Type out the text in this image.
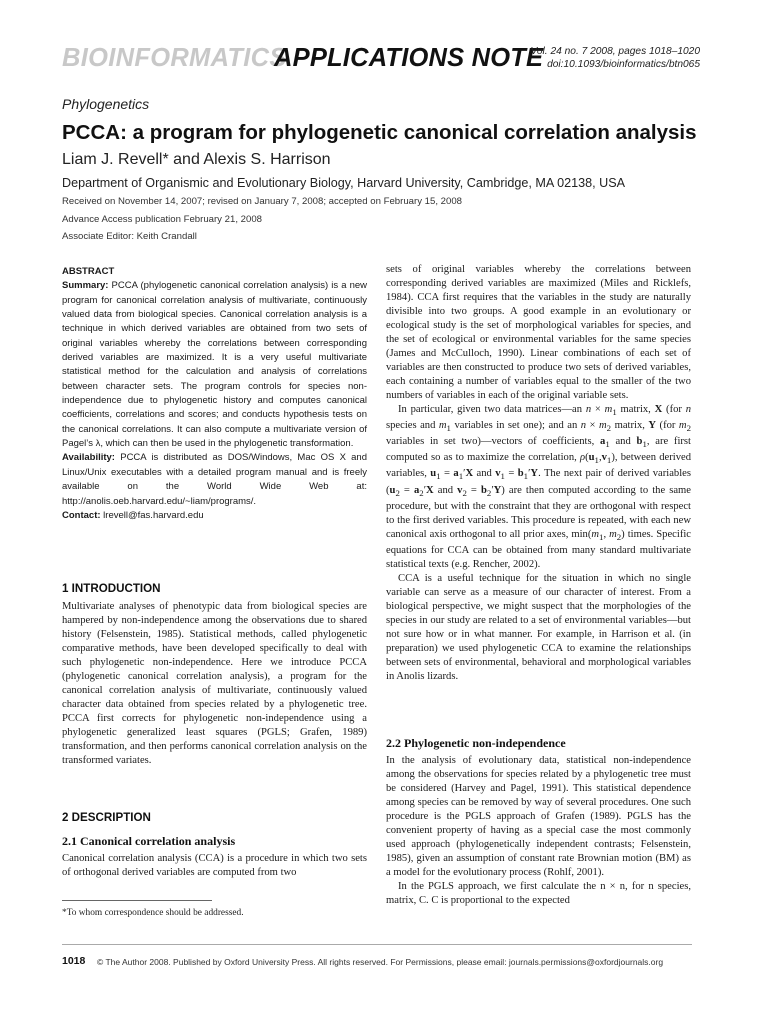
BIOINFORMATICS
APPLICATIONS NOTE
Vol. 24 no. 7 2008, pages 1018–1020
doi:10.1093/bioinformatics/btn065
Phylogenetics
PCCA: a program for phylogenetic canonical correlation analysis
Liam J. Revell* and Alexis S. Harrison
Department of Organismic and Evolutionary Biology, Harvard University, Cambridge, MA 02138, USA
Received on November 14, 2007; revised on January 7, 2008; accepted on February 15, 2008
Advance Access publication February 21, 2008
Associate Editor: Keith Crandall
ABSTRACT

Summary: PCCA (phylogenetic canonical correlation analysis) is a new program for canonical correlation analysis of multivariate, continuously valued data from biological species. Canonical correlation analysis is a technique in which derived variables are obtained from two sets of original variables whereby the correlations between corresponding derived variables are maximized. It is a very useful multivariate statistical method for the calculation and analysis of correlations between character sets. The program controls for species non-independence due to phylogenetic history and computes canonical coefficients, correlations and scores; and conducts hypothesis tests on the canonical correlations. It can also compute a multivariate version of Pagel’s λ, which can then be used in the phylogenetic transformation.

Availability: PCCA is distributed as DOS/Windows, Mac OS X and Linux/Unix executables with a detailed program manual and is freely available on the World Wide Web at: http://anolis.oeb.harvard.edu/~liam/programs/.

Contact: lrevell@fas.harvard.edu

1 INTRODUCTION

Multivariate analyses of phenotypic data from biological species are hampered by non-independence among the observations due to shared history (Felsenstein, 1985). Statistical methods, called phylogenetic comparative methods, have been developed specifically to deal with such phylogenetic non-independence. Here we introduce PCCA (phylogenetic canonical correlation analysis), a program for the canonical correlation analysis of multivariate, continuously valued character data obtained from species related by a phylogenetic tree. PCCA first corrects for phylogenetic non-independence using a phylogenetic generalized least squares (PGLS; Grafen, 1989) transformation, and then performs canonical correlation analysis on the transformed variates.

2 DESCRIPTION
2.1 Canonical correlation analysis

Canonical correlation analysis (CCA) is a procedure in which two sets of orthogonal derived variables are computed from two

*To whom correspondence should be addressed.

sets of original variables whereby the correlations between corresponding derived variables are maximized (Miles and Ricklefs, 1984). CCA first requires that the variables in the study are naturally divisible into two groups. A good example in an evolutionary or ecological study is the set of morphological variables for species, and the set of ecological or environmental variables for the same species (James and McCulloch, 1990). Linear combinations of each set of variables are then constructed to produce two sets of derived variables, each containing a number of variables equal to the smaller of the two numbers of variables in each of the original variable sets.

In particular, given two data matrices—an $n \times m_1$ matrix, X (for n species and $m_1$ variables in set one); and an $n \times m_2$ matrix, Y (for $m_2$ variables in set two)—vectors of coefficients, $a_1$ and $b_1$, are first computed so as to maximize the correlation, $\rho(u_1,v_1)$, between derived variables, $u_1 = a_1'X$ and $v_1 = b_1'Y$. The next pair of derived variables ($u_2 = a_2'X$ and $v_2 = b_2'Y$) are then computed according to the same procedure, but with the constraint that they are orthogonal with respect to the first derived variables. This procedure is repeated, with each new canonical axis orthogonal to all prior axes, $\min(m_1$, $m_2$) times. Specific equations for CCA can be obtained from many standard multivariate statistical texts (e.g. Rencher, 2002).

CCA is a useful technique for the situation in which no single variable can serve as a measure of our character of interest. From a biological perspective, we might suspect that the morphologies of the species in our study are related to a set of environmental variables—but not sure how or in what manner. For example, in Harrison et al. (in preparation) we used phylogenetic CCA to examine the relationships between sets of environmental, behavioral and morphological variables in Anolis lizards.

2.2 Phylogenetic non-independence

In the analysis of evolutionary data, statistical non-independence among the observations for species related by a phylogenetic tree must be considered (Harvey and Pagel, 1991). This statistical dependence among species can be removed by way of several procedures. One such procedure is the PGLS approach of Grafen (1989). PGLS has the convenient property of having as a special case the most commonly used approach (phylogenetically independent contrasts; Felsenstein, 1985), given an assumption of constant rate Brownian motion (BM) as a model for the evolutionary process (Rohlf, 2001).

In the PGLS approach, we first calculate the n × n, for n species, matrix, C. C is proportional to the expected

1018 © The Author 2008. Published by Oxford University Press. All rights reserved. For Permissions, please email: journals.permissions@oxfordjournals.org
